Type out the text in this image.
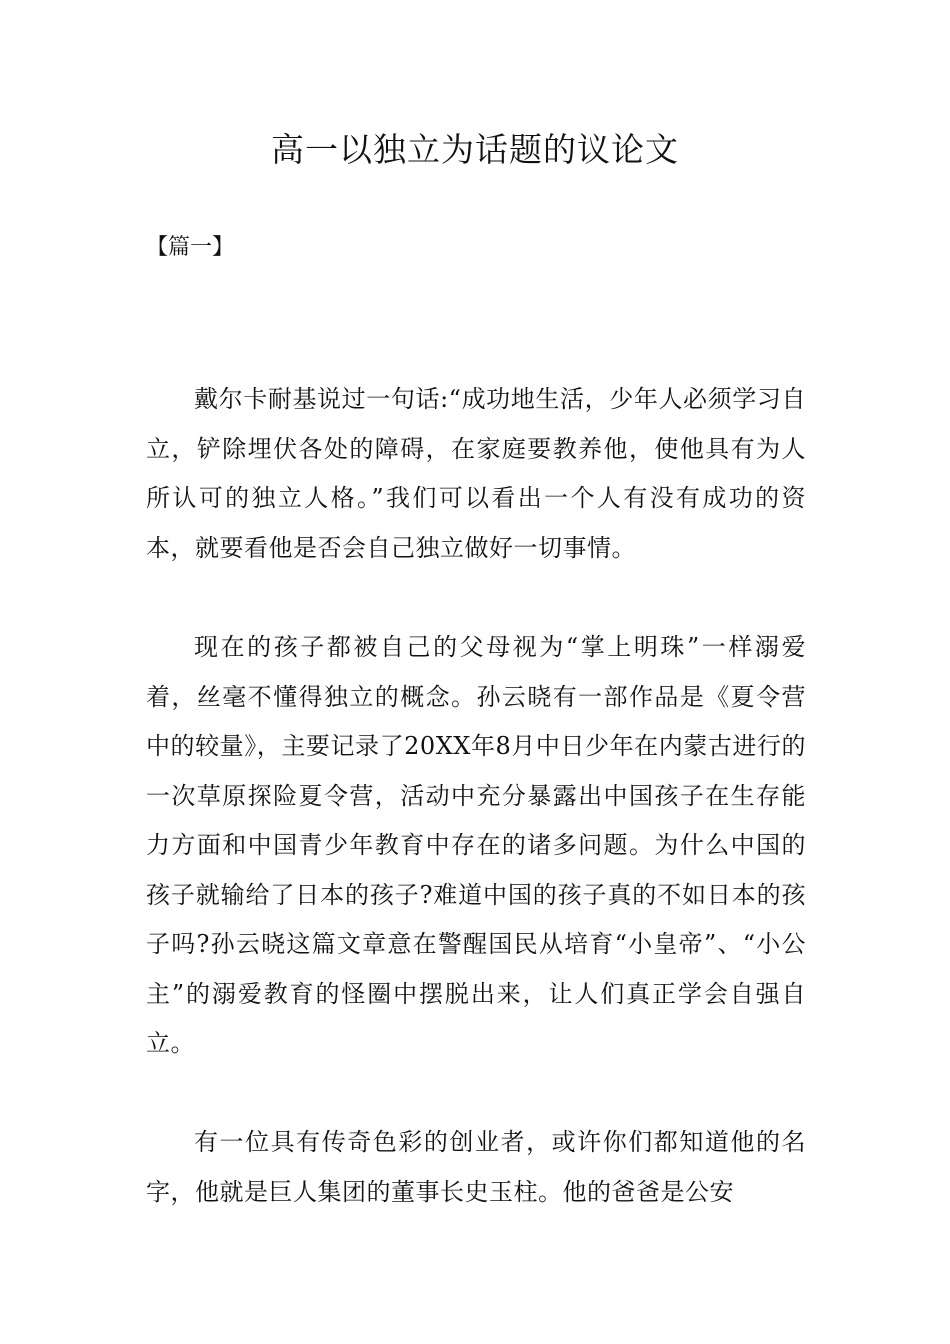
高一以独立为话题的议论文

【篇一】

戴尔卡耐基说过一句话:“成功地生活，少年人必须学习自立，铲除埋伏各处的障碍，在家庭要教养他，使他具有为人所认可的独立人格。”我们可以看出一个人有没有成功的资本，就要看他是否会自己独立做好一切事情。

现在的孩子都被自己的父母视为“掌上明珠”一样溺爱着，丝毫不懂得独立的概念。孙云晓有一部作品是《夏令营中的较量》，主要记录了20XX年8月中日少年在内蒙古进行的一次草原探险夏令营，活动中充分暴露出中国孩子在生存能力方面和中国青少年教育中存在的诸多问题。为什么中国的孩子就输给了日本的孩子?难道中国的孩子真的不如日本的孩子吗?孙云晓这篇文章意在警醒国民从培育“小皇帝”、“小公主”的溺爱教育的怪圈中摆脱出来，让人们真正学会自强自立。

有一位具有传奇色彩的创业者，或许你们都知道他的名字，他就是巨人集团的董事长史玉柱。他的爸爸是公安
